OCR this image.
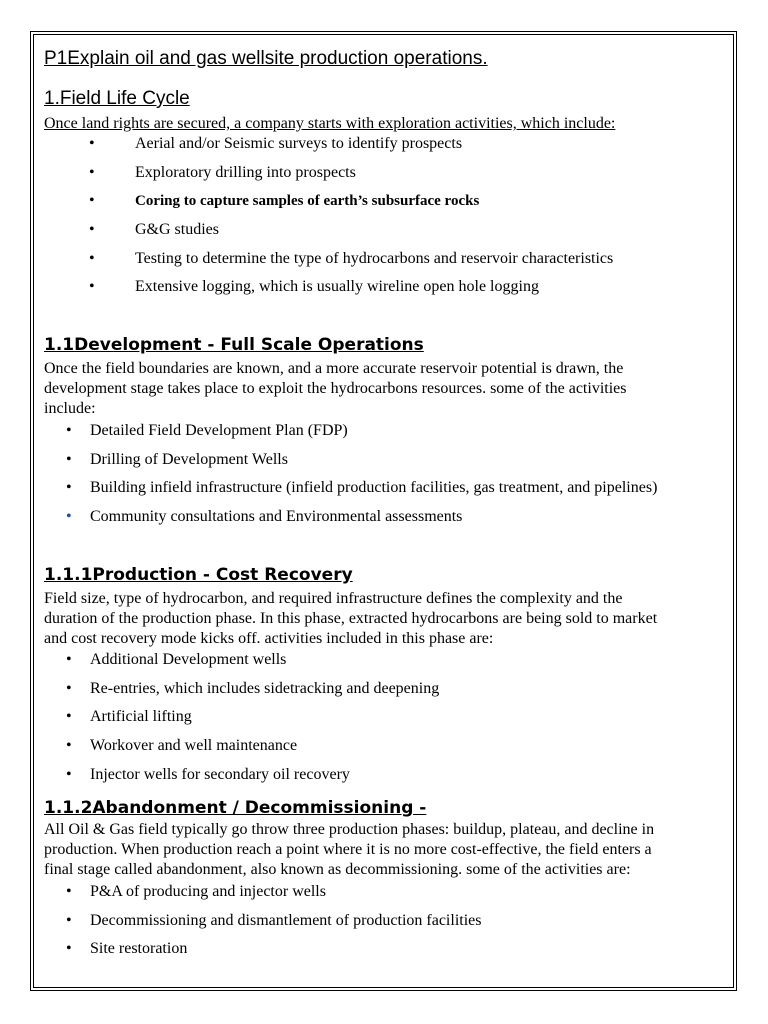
P1Explain oil and gas wellsite production operations.

1.Field Life Cycle

Once land rights are secured, a company starts with exploration activities, which include:

•	Aerial and/or Seismic surveys to identify prospects
•	Exploratory drilling into prospects
•	Coring to capture samples of earth’s subsurface rocks
•	G&G studies
•	Testing to determine the type of hydrocarbons and reservoir characteristics
•	Extensive logging, which is usually wireline open hole logging

1.1Development - Full Scale Operations

Once the field boundaries are known, and a more accurate reservoir potential is drawn, the

development stage takes place to exploit the hydrocarbons resources. some of the activities

include:

• Detailed Field Development Plan (FDP)
• Drilling of Development Wells
• Building infield infrastructure (infield production facilities, gas treatment, and pipelines)
• Community consultations and Environmental assessments

1.1.1Production - Cost Recovery

Field size, type of hydrocarbon, and required infrastructure defines the complexity and the

duration of the production phase. In this phase, extracted hydrocarbons are being sold to market

and cost recovery mode kicks off. activities included in this phase are:

• Additional Development wells
• Re-entries, which includes sidetracking and deepening
• Artificial lifting
• Workover and well maintenance
• Injector wells for secondary oil recovery

1.1.2Abandonment / Decommissioning -

All Oil & Gas field typically go throw three production phases: buildup, plateau, and decline in

production. When production reach a point where it is no more cost-effective, the field enters a

final stage called abandonment, also known as decommissioning. some of the activities are:

• P&A of producing and injector wells
• Decommissioning and dismantlement of production facilities
• Site restoration
